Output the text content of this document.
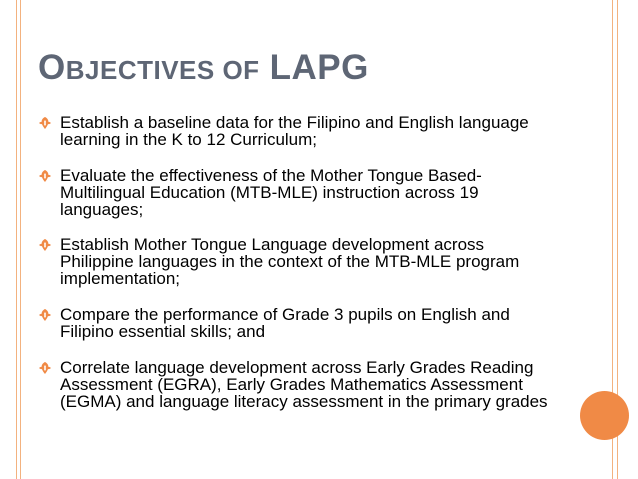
OBJECTIVES OF LAPG
Establish a baseline data for the Filipino and English language learning in the K to 12 Curriculum;
Evaluate the effectiveness of the Mother Tongue Based-Multilingual Education (MTB-MLE) instruction across 19 languages;
Establish Mother Tongue Language development across Philippine languages in the context of the MTB-MLE program implementation;
Compare the performance of Grade 3 pupils on English and Filipino essential skills; and
Correlate language development across Early Grades Reading Assessment (EGRA), Early Grades Mathematics Assessment (EGMA) and language literacy assessment in the primary grades
